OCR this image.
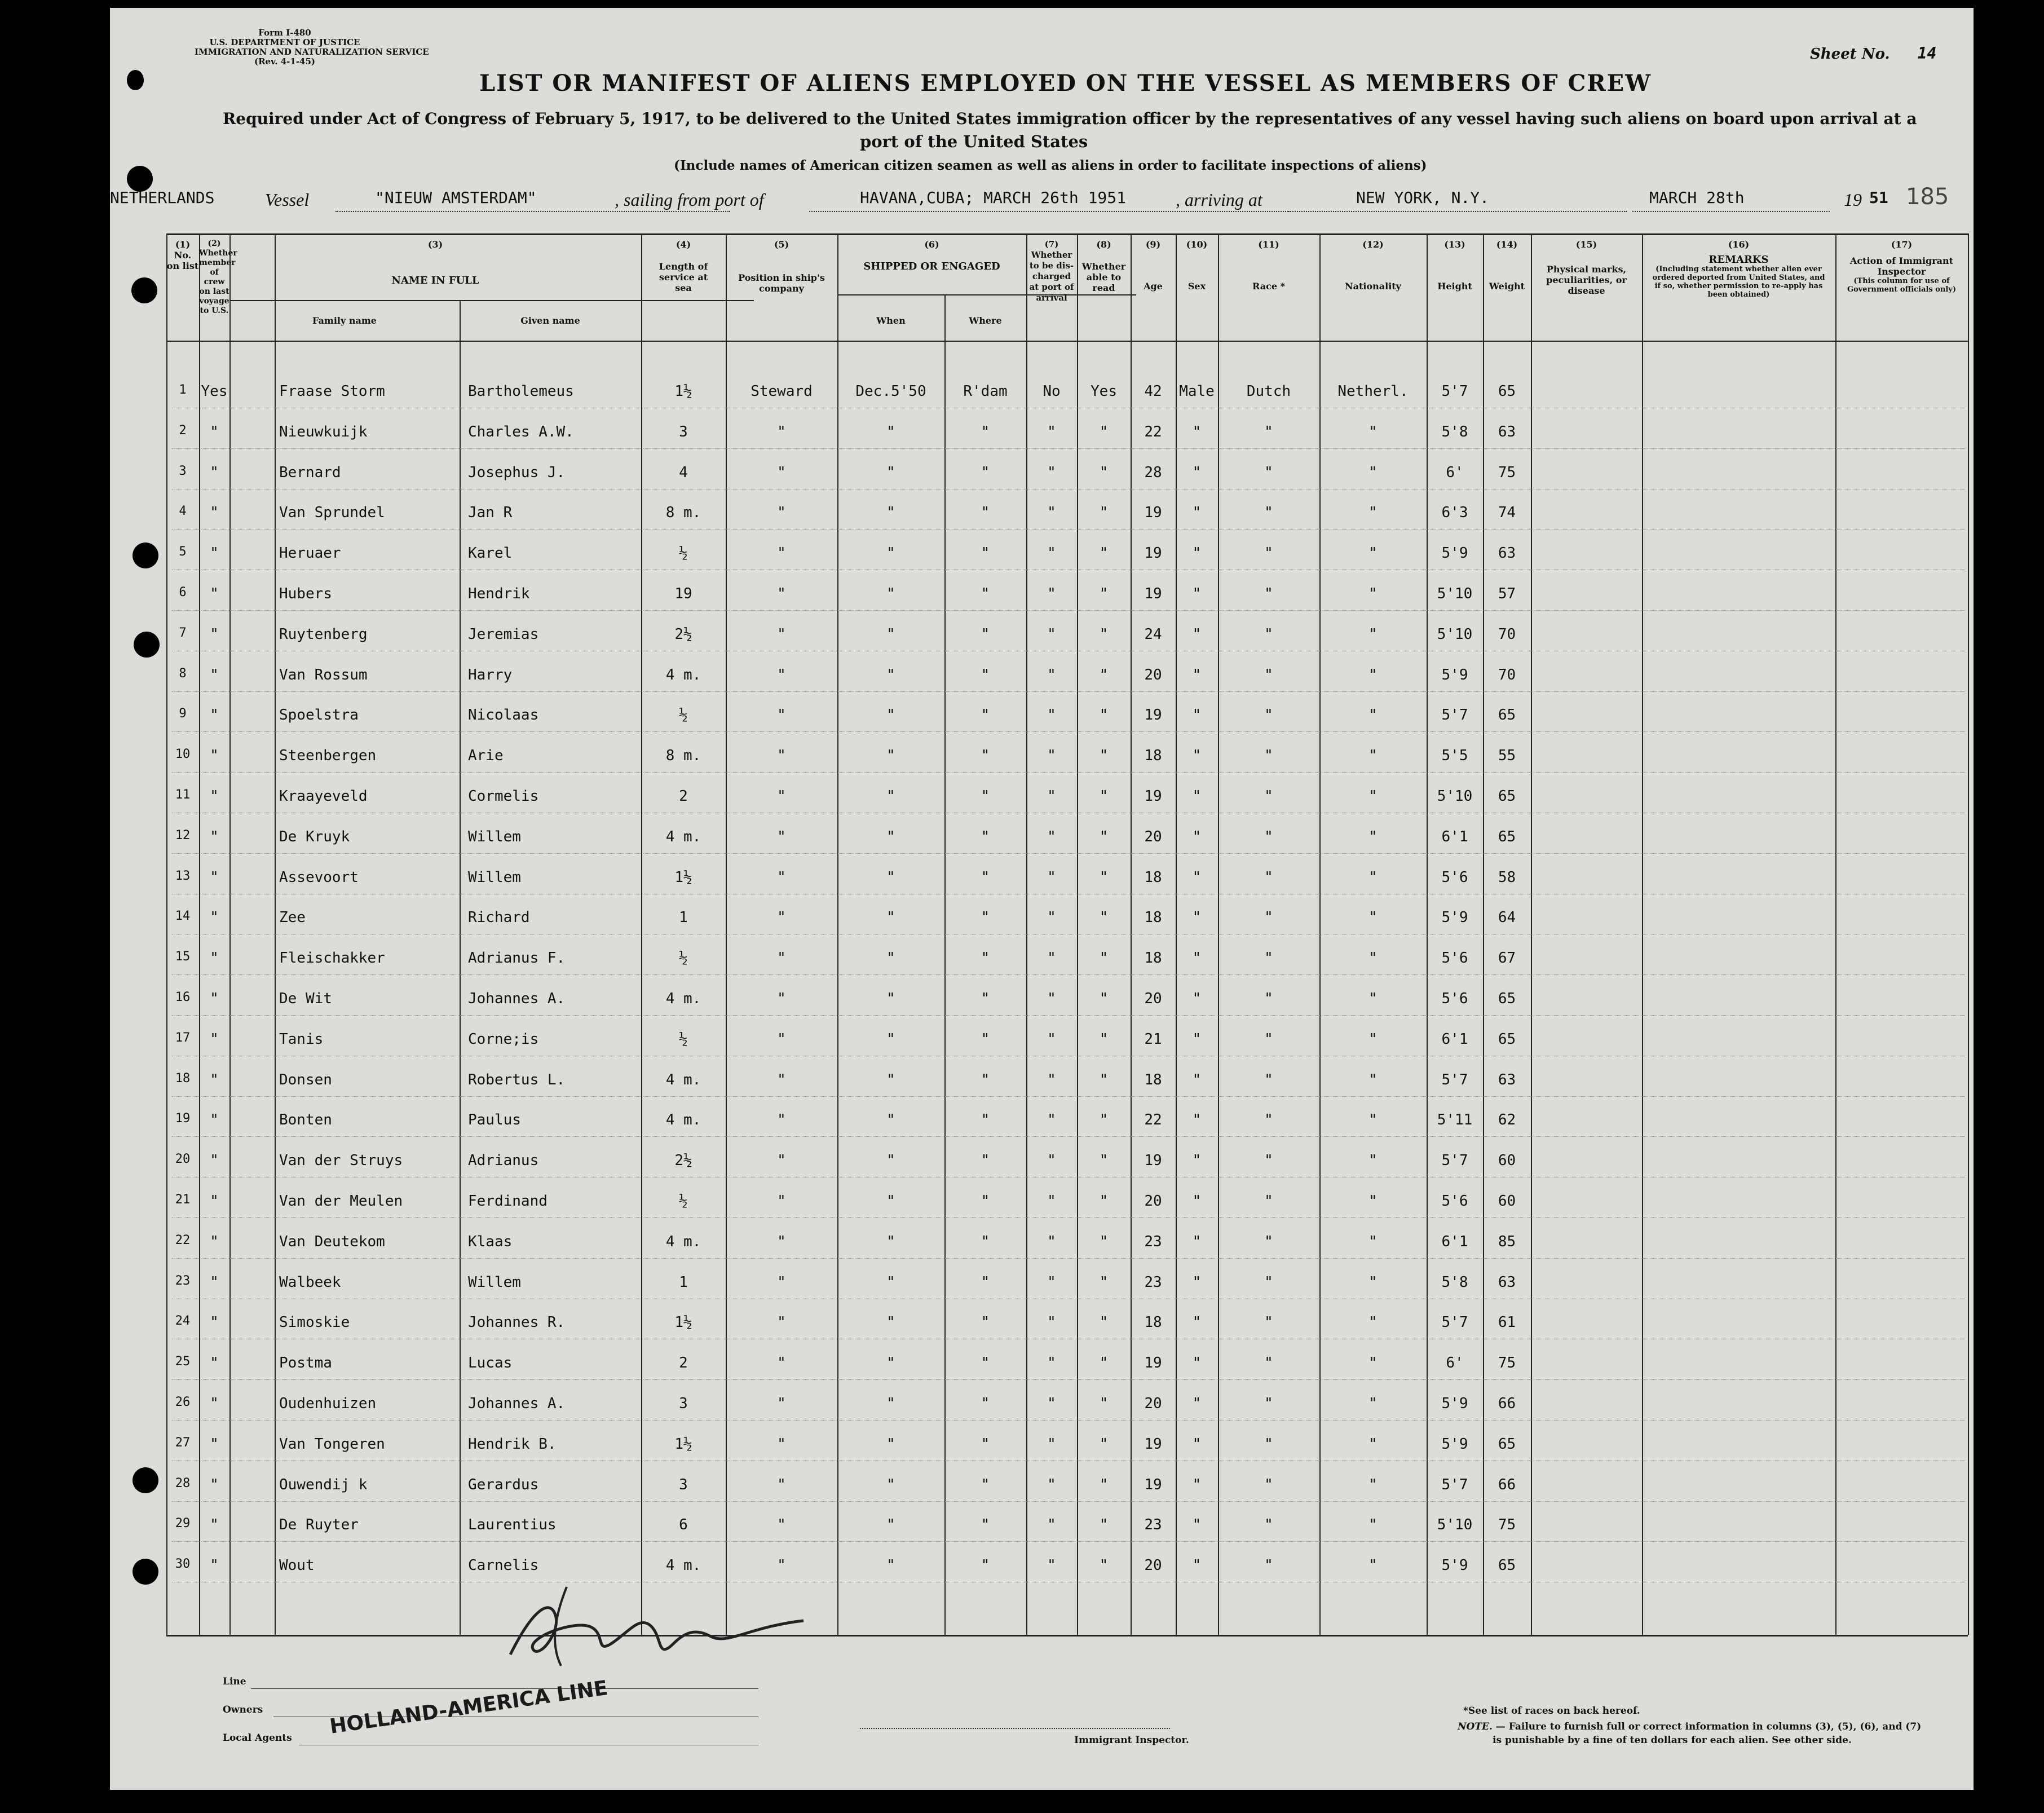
Form I-480
U.S. DEPARTMENT OF JUSTICE
IMMIGRATION AND NATURALIZATION SERVICE
(Rev. 4-1-45)	Sheet No. 14
LIST OR MANIFEST OF ALIENS EMPLOYED ON THE VESSEL AS MEMBERS OF CREW
Required under Act of Congress of February 5, 1917, to be delivered to the United States immigration officer by the representatives of any vessel having such aliens on board upon arrival at a
port of the United States
(Include names of American citizen seamen as well as aliens in order to facilitate inspections of aliens)
NETHERLANDS	Vessel	"NIEUW AMSTERDAM"	, sailing from port of	HAVANA,CUBA; MARCH 26th 1951	, arriving at	NEW YORK, N.Y.	MARCH 28th	19 51 185
(1)
No. on list
(2)
Whether member of crew on last voyage to U.S.
(3)
NAME IN FULL
Family name	Given name
(4)
Length of service at sea
(5)
Position in ship's company
(6)
SHIPPED OR ENGAGED
When	Where
(7)
Whether to be dis-charged at port of arrival
(8)
Whether able to read
(9)
Age
(10)
Sex
(11)
Race *
(12)
Nationality
(13)
Height
(14)
Weight
(15)
Physical marks, peculiarities, or disease
(16)
REMARKS
(Including statement whether alien ever ordered deported from United States, and if so, whether permission to re-apply has been obtained)
(17)
Action of Immigrant Inspector
(This column for use of Government officials only)
1 Yes	Fraase Storm	Bartholemeus	1½	Steward	Dec.5'50	R'dam	No	Yes	42	Male	Dutch	Netherl.	5'7	65
2	"	Nieuwkuijk	Charles A.W.	3	"	"	"	"	"	22	"	"	"	5'8	63
3	"	Bernard	Josephus J.	4	"	"	"	"	"	28	"	"	"	6'	75
4	"	Van Sprundel	Jan R	8 m.	"	"	"	"	"	19	"	"	"	6'3	74
5	"	Heruaer	Karel	½	"	"	"	"	"	19	"	"	"	5'9	63
6	"	Hubers	Hendrik	19	"	"	"	"	"	19	"	"	"	5'10	57
7	"	Ruytenberg	Jeremias	2½	"	"	"	"	"	24	"	"	"	5'10	70
8	"	Van Rossum	Harry	4 m.	"	"	"	"	"	20	"	"	"	5'9	70
9	"	Spoelstra	Nicolaas	½	"	"	"	"	"	19	"	"	"	5'7	65
10	"	Steenbergen	Arie	8 m.	"	"	"	"	"	18	"	"	"	5'5	55
11	"	Kraayeveld	Cormelis	2	"	"	"	"	"	19	"	"	"	5'10	65
12	"	De Kruyk	Willem	4 m.	"	"	"	"	"	20	"	"	"	6'1	65
13	"	Assevoort	Willem	1½	"	"	"	"	"	18	"	"	"	5'6	58
14	"	Zee	Richard	1	"	"	"	"	"	18	"	"	"	5'9	64
15	"	Fleischakker	Adrianus F.	½	"	"	"	"	"	18	"	"	"	5'6	67
16	"	De Wit	Johannes A.	4 m.	"	"	"	"	"	20	"	"	"	5'6	65
17	"	Tanis	Corne;is	½	"	"	"	"	"	21	"	"	"	6'1	65
18	"	Donsen	Robertus L.	4 m.	"	"	"	"	"	18	"	"	"	5'7	63
19	"	Bonten	Paulus	4 m.	"	"	"	"	"	22	"	"	"	5'11	62
20	"	Van der Struys	Adrianus	2½	"	"	"	"	"	19	"	"	"	5'7	60
21	"	Van der Meulen	Ferdinand	½	"	"	"	"	"	20	"	"	"	5'6	60
22	"	Van Deutekom	Klaas	4 m.	"	"	"	"	"	23	"	"	"	6'1	85
23	"	Walbeek	Willem	1	"	"	"	"	"	23	"	"	"	5'8	63
24	"	Simoskie	Johannes R.	1½	"	"	"	"	"	18	"	"	"	5'7	61
25	"	Postma	Lucas	2	"	"	"	"	"	19	"	"	"	6'	75
26	"	Oudenhuizen	Johannes A.	3	"	"	"	"	"	20	"	"	"	5'9	66
27	"	Van Tongeren	Hendrik B.	1½	"	"	"	"	"	19	"	"	"	5'9	65
28	"	Ouwendij k	Gerardus	3	"	"	"	"	"	19	"	"	"	5'7	66
29	"	De Ruyter	Laurentius	6	"	"	"	"	"	23	"	"	"	5'10	75
30	"	Wout	Carnelis	4 m.	"	"	"	"	"	20	"	"	"	5'9	65
Line
Owners
Local Agents HOLLAND-AMERICA LINE
Immigrant Inspector.
*See list of races on back hereof.
NOTE. — Failure to furnish full or correct information in columns (3), (5), (6), and (7)
is punishable by a fine of ten dollars for each alien. See other side.
